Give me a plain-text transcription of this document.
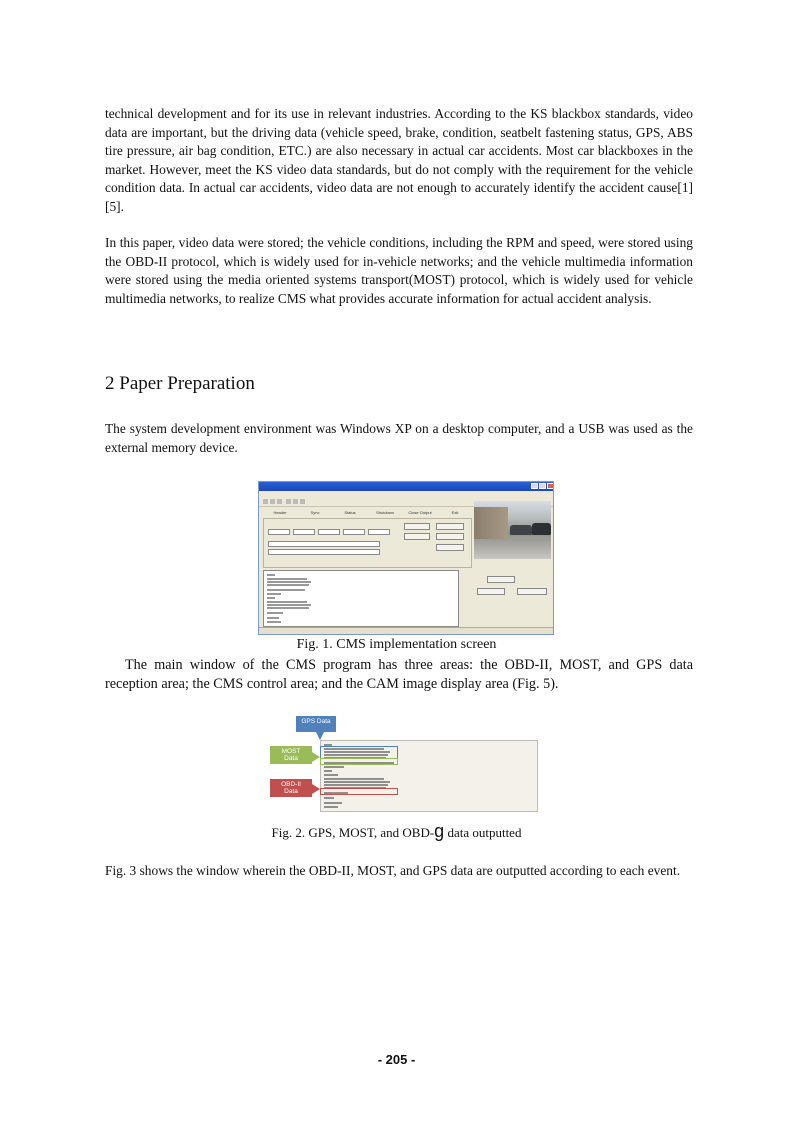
technical development and for its use in relevant industries. According to the KS blackbox standards, video data are important, but the driving data (vehicle speed, brake, condition, seatbelt fastening status, GPS, ABS tire pressure, air bag condition, ETC.) are also necessary in actual car accidents. Most car blackboxes in the market. However, meet the KS video data standards, but do not comply with the requirement for the vehicle condition data. In actual car accidents, video data are not enough to accurately identify the accident cause[1][5].

In this paper, video data were stored; the vehicle conditions, including the RPM and speed, were stored using the OBD-II protocol, which is widely used for in-vehicle networks; and the vehicle multimedia information were stored using the media oriented systems transport(MOST) protocol, which is widely used for vehicle multimedia networks, to realize CMS what provides accurate information for actual accident analysis.

2 Paper Preparation

The system development environment was Windows XP on a desktop computer, and a USB was used as the external memory device.

Header	Sync	Status	Shutdown	Close Output	Exit
Fig. 1. CMS implementation screen

The main window of the CMS program has three areas: the OBD-II, MOST, and GPS data reception area; the CMS control area; and the CAM image display area (Fig. 5).

GPS Data
MOST
Data
OBD-II
Data
Fig. 2. GPS, MOST, and OBD-g data outputted

Fig. 3 shows the window wherein the OBD-II, MOST, and GPS data are outputted according to each event.

- 205 -
